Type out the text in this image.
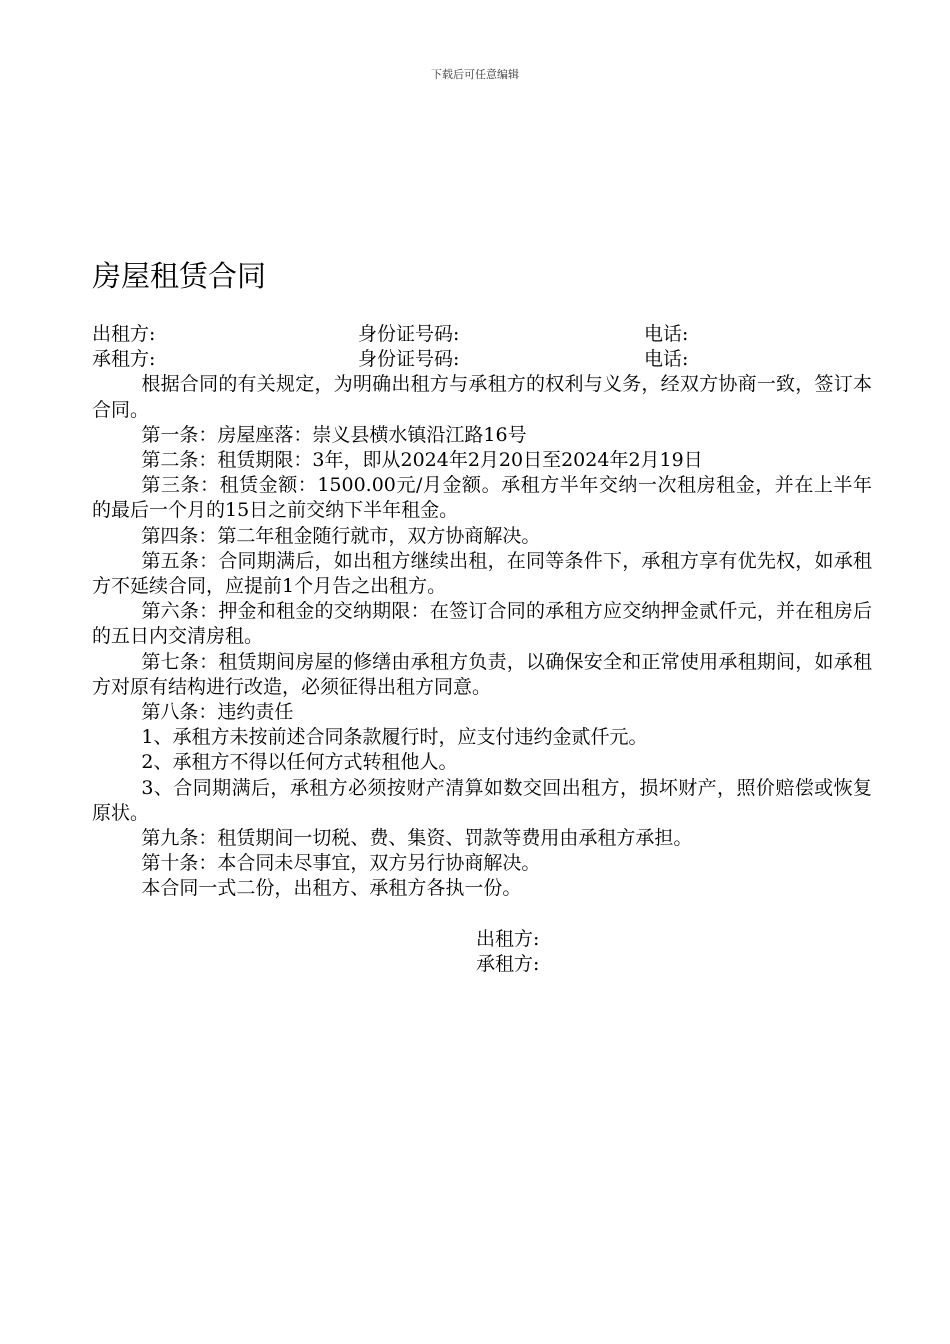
下载后可任意编辑
房屋租赁合同
出租方:	身份证号码:	电话:
承租方:	身份证号码:	电话:

根据合同的有关规定，为明确出租方与承租方的权利与义务，经双方协商一致，签订本合同。

第一条：房屋座落：崇义县横水镇沿江路16号

第二条：租赁期限：3年，即从2024年2月20日至2024年2月19日

第三条：租赁金额：1500.00元/月金额。承租方半年交纳一次租房租金，并在上半年的最后一个月的15日之前交纳下半年租金。

第四条：第二年租金随行就市，双方协商解决。

第五条：合同期满后，如出租方继续出租，在同等条件下，承租方享有优先权，如承租方不延续合同，应提前1个月告之出租方。

第六条：押金和租金的交纳期限：在签订合同的承租方应交纳押金贰仟元，并在租房后的五日内交清房租。

第七条：租赁期间房屋的修缮由承租方负责，以确保安全和正常使用承租期间，如承租方对原有结构进行改造，必须征得出租方同意。

第八条：违约责任

1、承租方未按前述合同条款履行时，应支付违约金贰仟元。

2、承租方不得以任何方式转租他人。

3、合同期满后，承租方必须按财产清算如数交回出租方，损坏财产，照价赔偿或恢复原状。

第九条：租赁期间一切税、费、集资、罚款等费用由承租方承担。

第十条：本合同未尽事宜，双方另行协商解决。

本合同一式二份，出租方、承租方各执一份。

出租方:
承租方:
